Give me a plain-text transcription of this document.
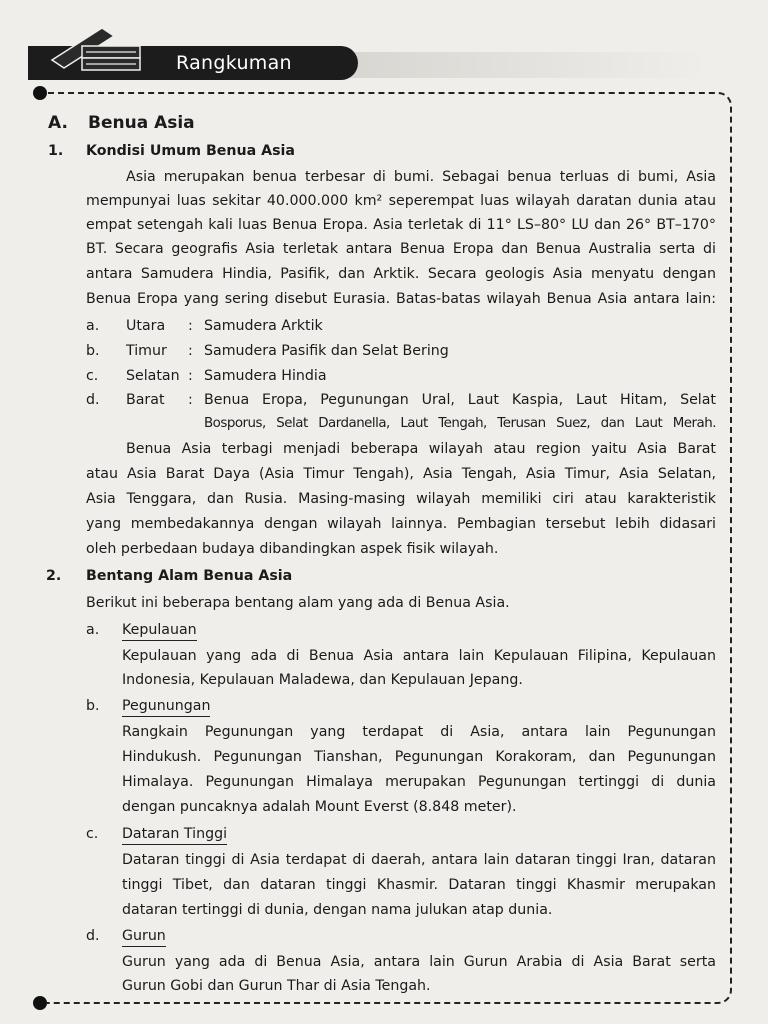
Rangkuman
A. Benua Asia
1. Kondisi Umum Benua Asia
Asia merupakan benua terbesar di bumi. Sebagai benua terluas di bumi, Asia
mempunyai luas sekitar 40.000.000 km² seperempat luas wilayah daratan dunia atau
empat setengah kali luas Benua Eropa. Asia terletak di 11° LS–80° LU dan 26° BT–170°
BT. Secara geografis Asia terletak antara Benua Eropa dan Benua Australia serta di
antara Samudera Hindia, Pasifik, dan Arktik. Secara geologis Asia menyatu dengan
Benua Eropa yang sering disebut Eurasia. Batas-batas wilayah Benua Asia antara lain:
a. Utara : Samudera Arktik
b. Timur : Samudera Pasifik dan Selat Bering
c. Selatan : Samudera Hindia
d. Barat : Benua Eropa, Pegunungan Ural, Laut Kaspia, Laut Hitam, Selat
Bosporus, Selat Dardanella, Laut Tengah, Terusan Suez, dan Laut Merah.
Benua Asia terbagi menjadi beberapa wilayah atau region yaitu Asia Barat
atau Asia Barat Daya (Asia Timur Tengah), Asia Tengah, Asia Timur, Asia Selatan,
Asia Tenggara, dan Rusia. Masing-masing wilayah memiliki ciri atau karakteristik
yang membedakannya dengan wilayah lainnya. Pembagian tersebut lebih didasari
oleh perbedaan budaya dibandingkan aspek fisik wilayah.
2. Bentang Alam Benua Asia
Berikut ini beberapa bentang alam yang ada di Benua Asia.
a. Kepulauan
Kepulauan yang ada di Benua Asia antara lain Kepulauan Filipina, Kepulauan
Indonesia, Kepulauan Maladewa, dan Kepulauan Jepang.
b. Pegunungan
Rangkain Pegunungan yang terdapat di Asia, antara lain Pegunungan
Hindukush. Pegunungan Tianshan, Pegunungan Korakoram, dan Pegunungan
Himalaya. Pegunungan Himalaya merupakan Pegunungan tertinggi di dunia
dengan puncaknya adalah Mount Everst (8.848 meter).
c. Dataran Tinggi
Dataran tinggi di Asia terdapat di daerah, antara lain dataran tinggi Iran, dataran
tinggi Tibet, dan dataran tinggi Khasmir. Dataran tinggi Khasmir merupakan
dataran tertinggi di dunia, dengan nama julukan atap dunia.
d. Gurun
Gurun yang ada di Benua Asia, antara lain Gurun Arabia di Asia Barat serta
Gurun Gobi dan Gurun Thar di Asia Tengah.
